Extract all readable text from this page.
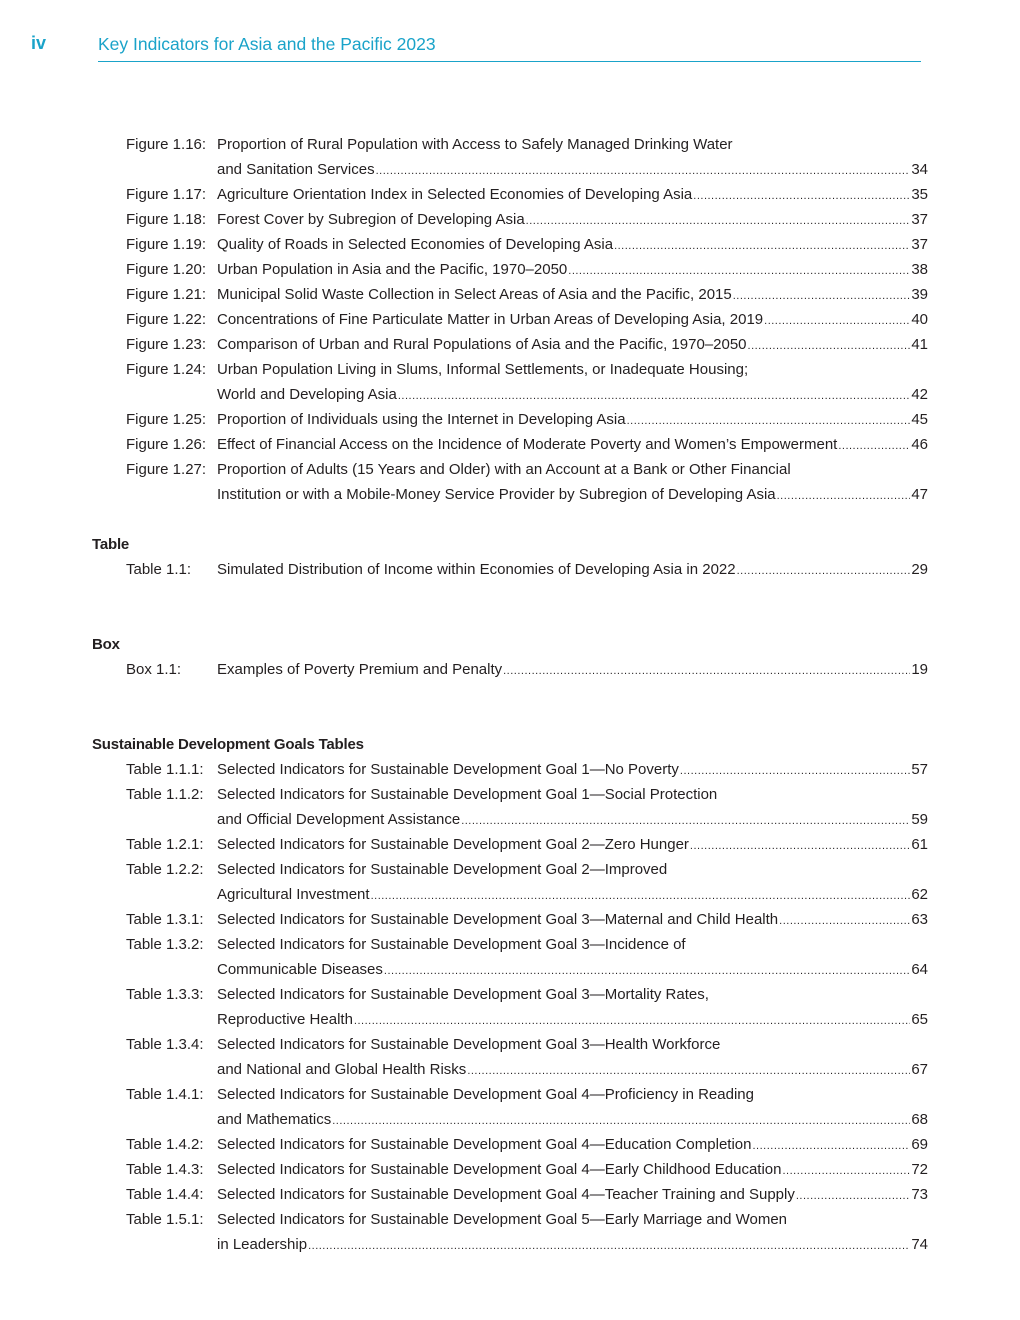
iv	Key Indicators for Asia and the Pacific 2023
Figure 1.16: Proportion of Rural Population with Access to Safely Managed Drinking Water
and Sanitation Services .....	34
Figure 1.17: Agriculture Orientation Index in Selected Economies of Developing Asia .....	35
Figure 1.18: Forest Cover by Subregion of Developing Asia .....	37
Figure 1.19: Quality of Roads in Selected Economies of Developing Asia .....	37
Figure 1.20: Urban Population in Asia and the Pacific, 1970–2050 .....	38
Figure 1.21: Municipal Solid Waste Collection in Select Areas of Asia and the Pacific, 2015 .....	39
Figure 1.22: Concentrations of Fine Particulate Matter in Urban Areas of Developing Asia, 2019 .....	40
Figure 1.23: Comparison of Urban and Rural Populations of Asia and the Pacific, 1970–2050 .....	41
Figure 1.24: Urban Population Living in Slums, Informal Settlements, or Inadequate Housing;
World and Developing Asia .....	42
Figure 1.25: Proportion of Individuals using the Internet in Developing Asia .....	45
Figure 1.26: Effect of Financial Access on the Incidence of Moderate Poverty and Women’s Empowerment .....	46
Figure 1.27: Proportion of Adults (15 Years and Older) with an Account at a Bank or Other Financial
Institution or with a Mobile-Money Service Provider by Subregion of Developing Asia .....	47
Table
Table 1.1:	Simulated Distribution of Income within Economies of Developing Asia in 2022 .....	29
Box
Box 1.1:	Examples of Poverty Premium and Penalty .....	19
Sustainable Development Goals Tables
Table 1.1.1: Selected Indicators for Sustainable Development Goal 1—No Poverty .....	57
Table 1.1.2: Selected Indicators for Sustainable Development Goal 1—Social Protection
and Official Development Assistance .....	59
Table 1.2.1: Selected Indicators for Sustainable Development Goal 2—Zero Hunger .....	61
Table 1.2.2: Selected Indicators for Sustainable Development Goal 2—Improved
Agricultural Investment .....	62
Table 1.3.1: Selected Indicators for Sustainable Development Goal 3—Maternal and Child Health .....	63
Table 1.3.2: Selected Indicators for Sustainable Development Goal 3—Incidence of
Communicable Diseases .....	64
Table 1.3.3: Selected Indicators for Sustainable Development Goal 3—Mortality Rates,
Reproductive Health .....	65
Table 1.3.4: Selected Indicators for Sustainable Development Goal 3—Health Workforce
and National and Global Health Risks .....	67
Table 1.4.1: Selected Indicators for Sustainable Development Goal 4—Proficiency in Reading
and Mathematics .....	68
Table 1.4.2: Selected Indicators for Sustainable Development Goal 4—Education Completion .....	69
Table 1.4.3: Selected Indicators for Sustainable Development Goal 4—Early Childhood Education .....	72
Table 1.4.4: Selected Indicators for Sustainable Development Goal 4—Teacher Training and Supply .....	73
Table 1.5.1: Selected Indicators for Sustainable Development Goal 5—Early Marriage and Women
in Leadership .....	74
